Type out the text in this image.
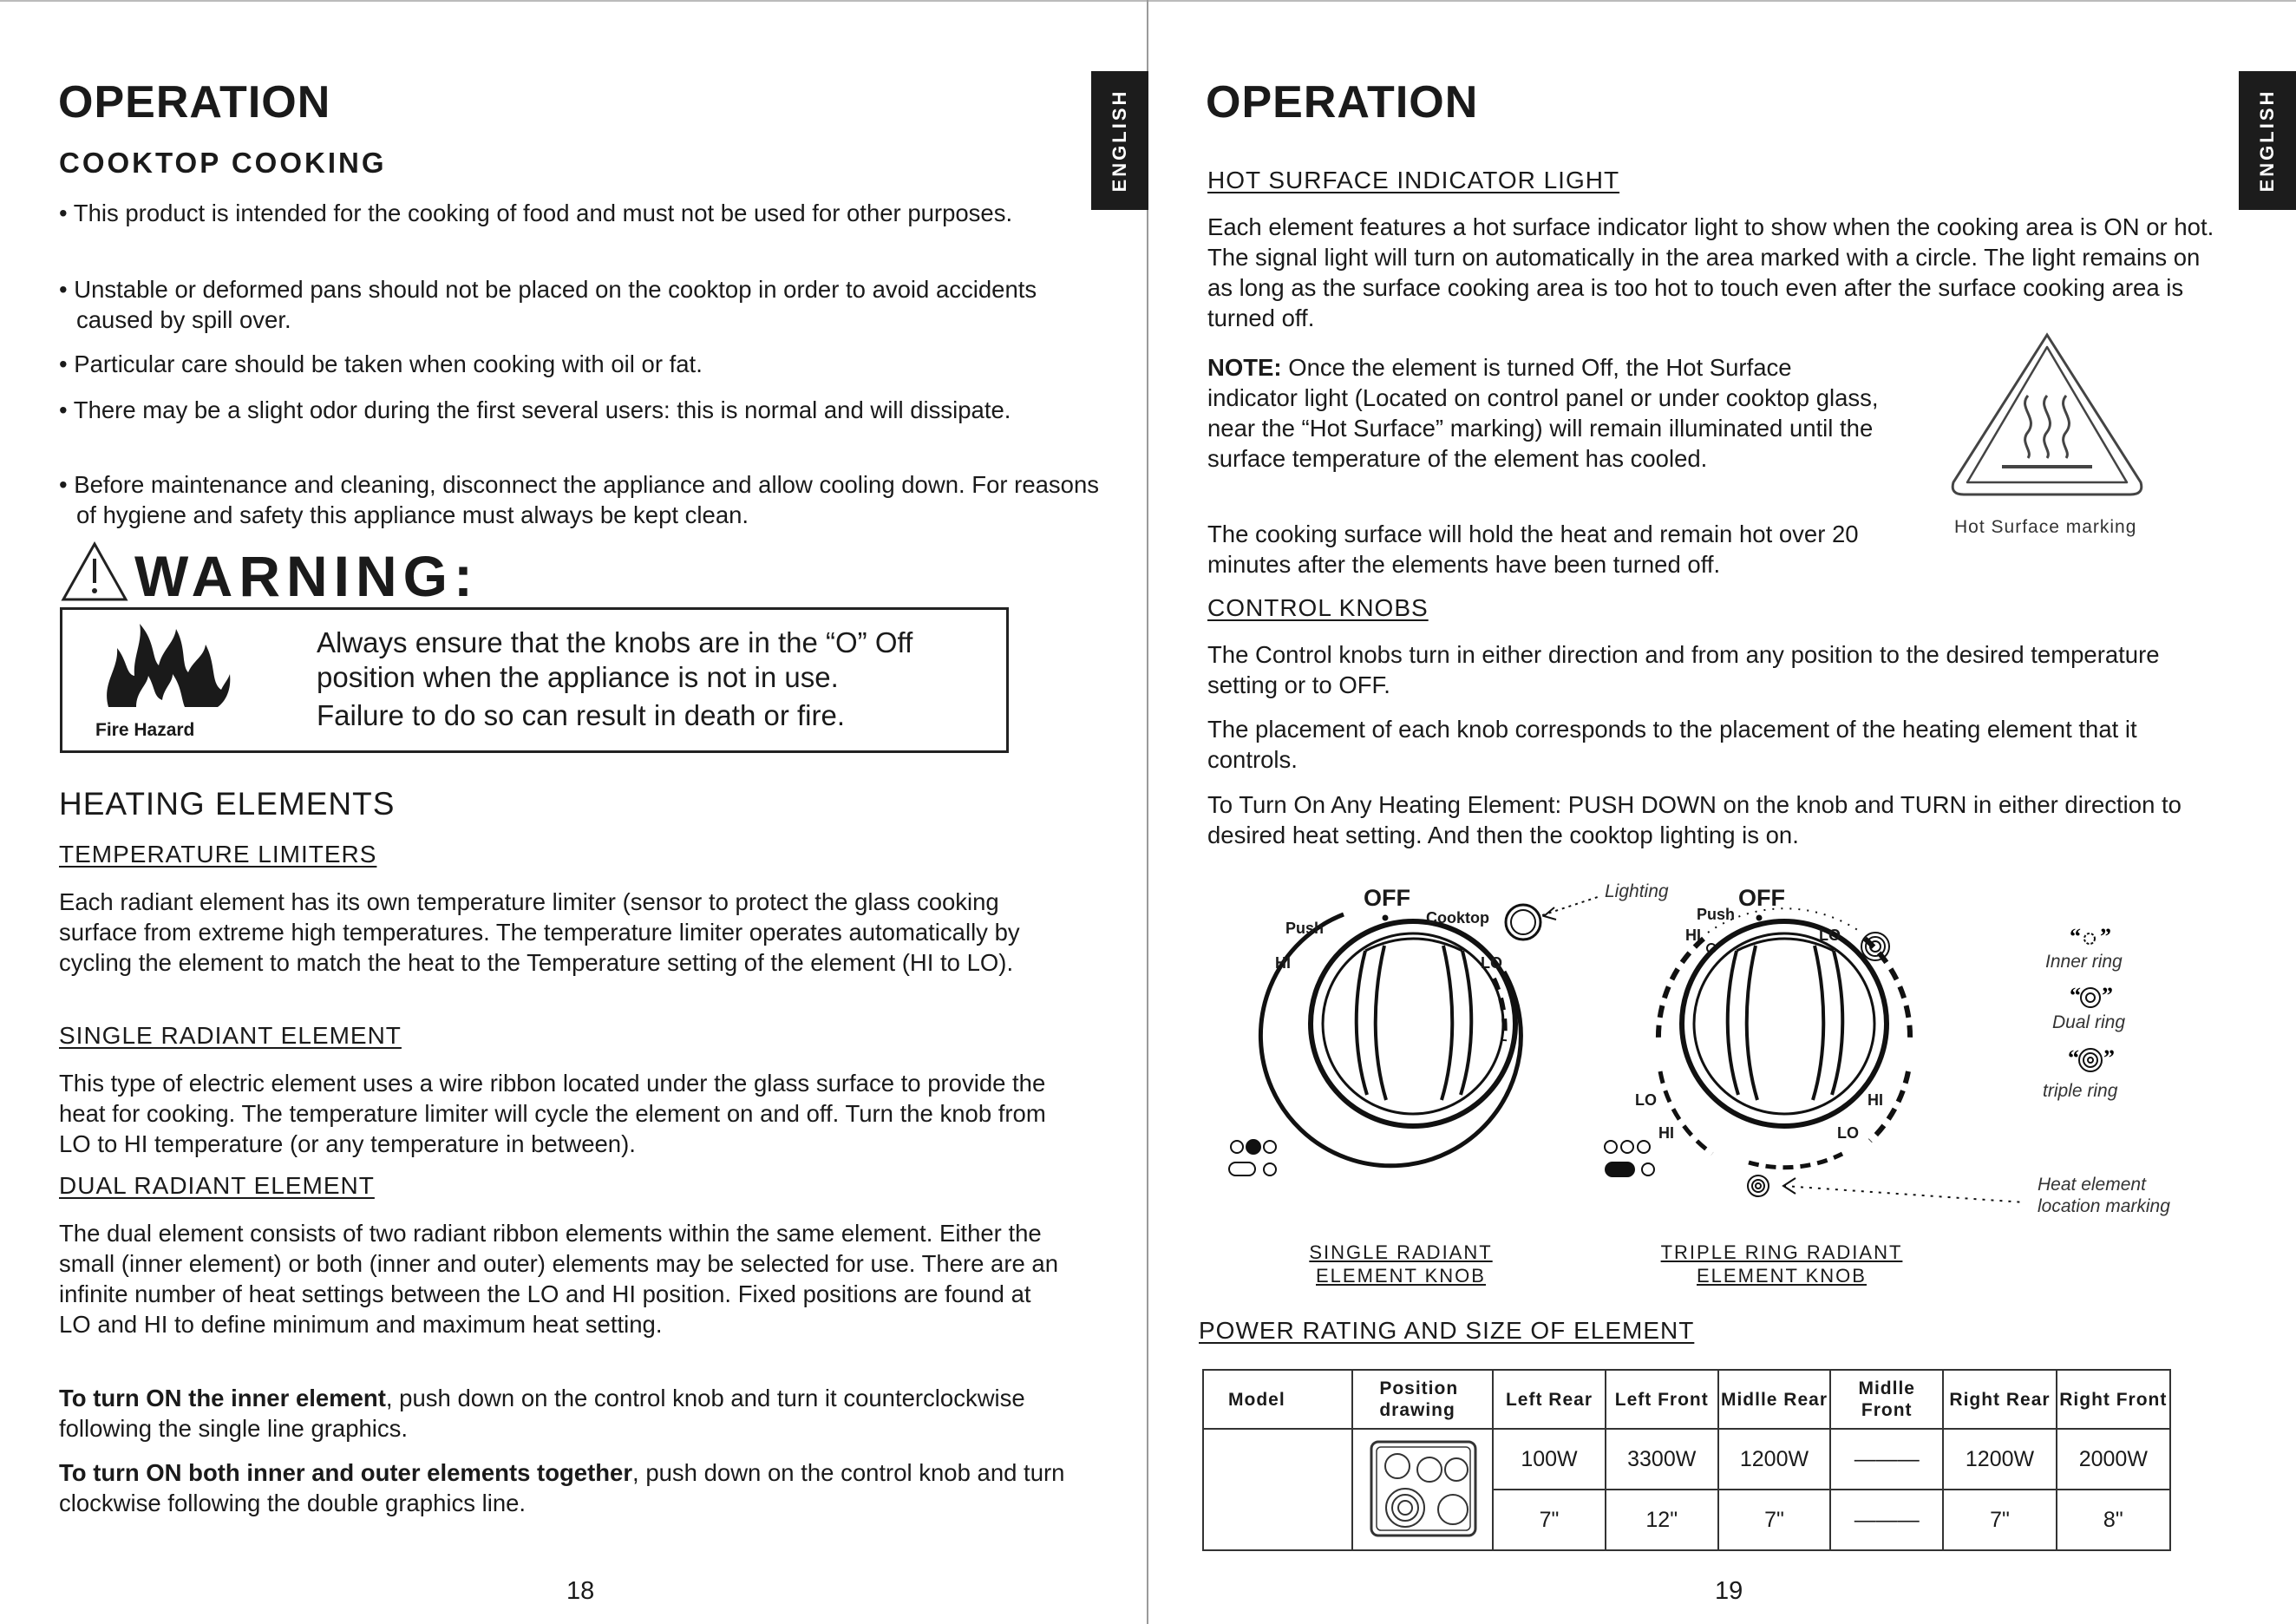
ENGLISH
OPERATION
COOKTOP COOKING
• This product is intended for the cooking of food and must not be used for other purposes.
• Unstable or deformed pans should not be placed on the cooktop in order to avoid accidents caused by spill over.
• Particular care should be taken when cooking with oil or fat.
• There may be a slight odor during the first several users: this is normal and will dissipate.
• Before maintenance and cleaning, disconnect the appliance and allow cooling down. For reasons of hygiene and safety this appliance must always be kept clean.
WARNING:
Fire Hazard
Always ensure that the knobs are in the “O” Off position when the appliance is not in use.
Failure to do so can result in death or fire.
HEATING ELEMENTS
TEMPERATURE LIMITERS
Each radiant element has its own temperature limiter (sensor to protect the glass cooking surface from extreme high temperatures. The temperature limiter operates automatically by cycling the element to match the heat to the Temperature setting of the element (HI to LO).
SINGLE RADIANT ELEMENT
This type of electric element uses a wire ribbon located under the glass surface to provide the heat for cooking. The temperature limiter will cycle the element on and off. Turn the knob from LO to HI temperature (or any temperature in between).
DUAL RADIANT ELEMENT
The dual element consists of two radiant ribbon elements within the same element. Either the small (inner element) or both (inner and outer) elements may be selected for use. There are an infinite number of heat settings between the LO and HI position. Fixed positions are found at LO and HI to define minimum and maximum heat setting.
To turn ON the inner element, push down on the control knob and turn it counterclockwise following the single line graphics.
To turn ON both inner and outer elements together, push down on the control knob and turn clockwise following the double graphics line.
18
ENGLISH
OPERATION
HOT SURFACE INDICATOR LIGHT
Each element features a hot surface indicator light to show when the cooking area is ON or hot. The signal light will turn on automatically in the area marked with a circle. The light remains on as long as the surface cooking area is too hot to touch even after the surface cooking area is turned off.
NOTE: Once the element is turned Off, the Hot Surface indicator light (Located on control panel or under cooktop glass, near the “Hot Surface” marking) will remain illuminated until the surface temperature of the element has cooled.
The cooking surface will hold the heat and remain hot over 20 minutes after the elements have been turned off.
Hot Surface marking
CONTROL KNOBS
The Control knobs turn in either direction and from any position to the desired temperature setting or to OFF.
The placement of each knob corresponds to the placement of the heating element that it controls.
To Turn On Any Heating Element: PUSH DOWN on the knob and TURN in either direction to desired heat setting. And then the cooktop lighting is on.
“ ”
“ ”
“ ”
OFF
Push
HI	LO
Cooktop
Lighting	OFF
Push
HI	LO
LO
HI
HI
LO
Inner ring
Dual ring
triple ring
Heat element
location marking
SINGLE RADIANT
ELEMENT KNOB
TRIPLE RING RADIANT
ELEMENT KNOB
POWER RATING AND SIZE OF ELEMENT
19
Model	Position drawing	Left Rear	Left Front	Midlle Rear	Midlle Front	Right Rear	Right Front
		100W	3300W	1200W	———	1200W	2000W
		7"	12"	7"	———	7"	8"
